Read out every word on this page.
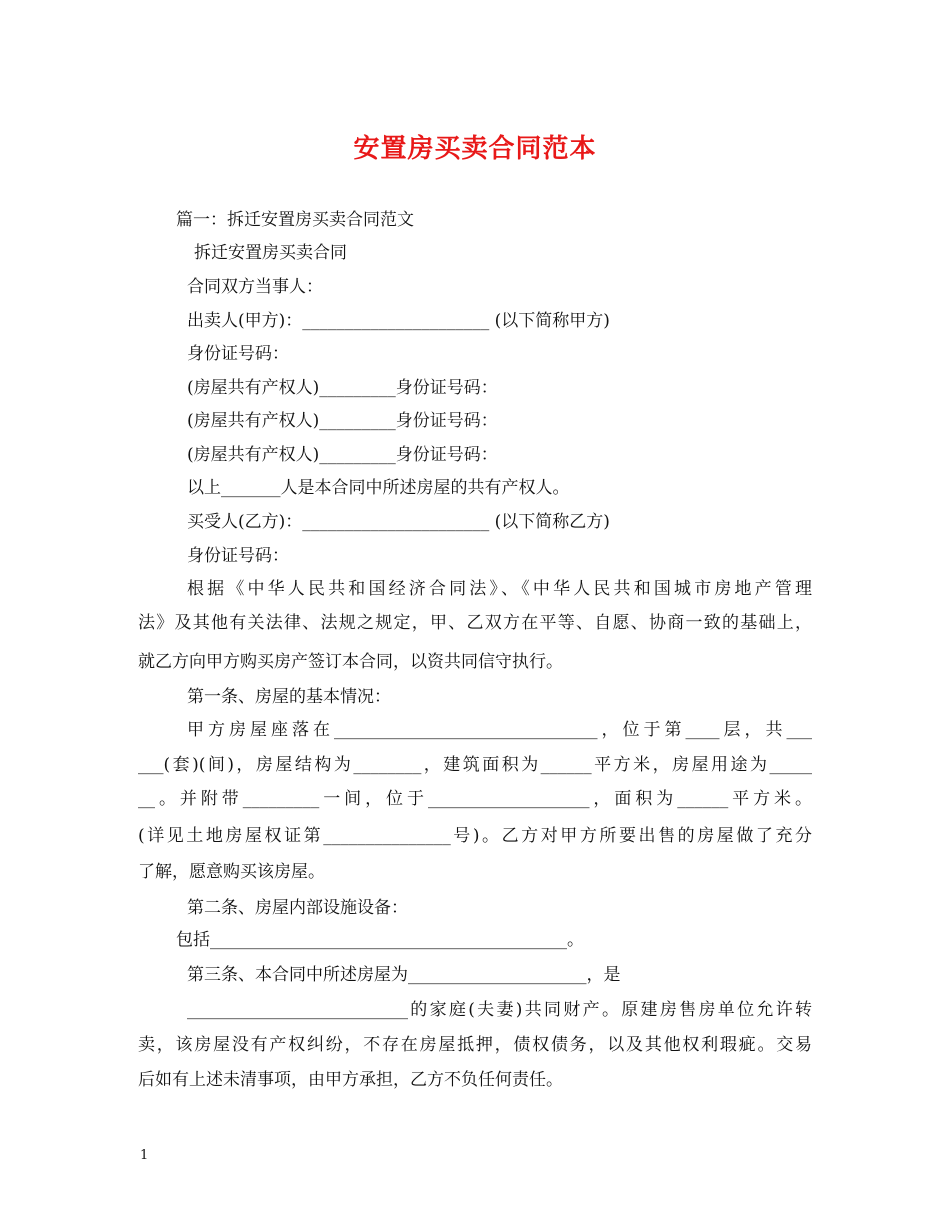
安置房买卖合同范本
篇一：拆迁安置房买卖合同范文
拆迁安置房买卖合同
合同双方当事人：
出卖人(甲方)：______________________ (以下简称甲方)
身份证号码：
(房屋共有产权人)_________身份证号码：
(房屋共有产权人)_________身份证号码：
(房屋共有产权人)_________身份证号码：
以上_______人是本合同中所述房屋的共有产权人。
买受人(乙方)：______________________ (以下简称乙方)
身份证号码：
根据《中华人民共和国经济合同法》、《中华人民共和国城市房地产管理
法》及其他有关法律、法规之规定，甲、乙双方在平等、自愿、协商一致的基础上，
就乙方向甲方购买房产签订本合同，以资共同信守执行。
第一条、房屋的基本情况：
甲方房屋座落在_______________________________，位于第____层，共___
___(套)(间)，房屋结构为________，建筑面积为______平方米，房屋用途为_____
__。并附带_________一间，位于___________________，面积为______平方米。
(详见土地房屋权证第_______________号)。乙方对甲方所要出售的房屋做了充分
了解，愿意购买该房屋。
第二条、房屋内部设施设备：
包括__________________________________________。
第三条、本合同中所述房屋为_____________________，是
__________________________的家庭(夫妻)共同财产。原建房售房单位允许转
卖，该房屋没有产权纠纷，不存在房屋抵押，债权债务，以及其他权利瑕疵。交易
后如有上述未清事项，由甲方承担，乙方不负任何责任。
1
